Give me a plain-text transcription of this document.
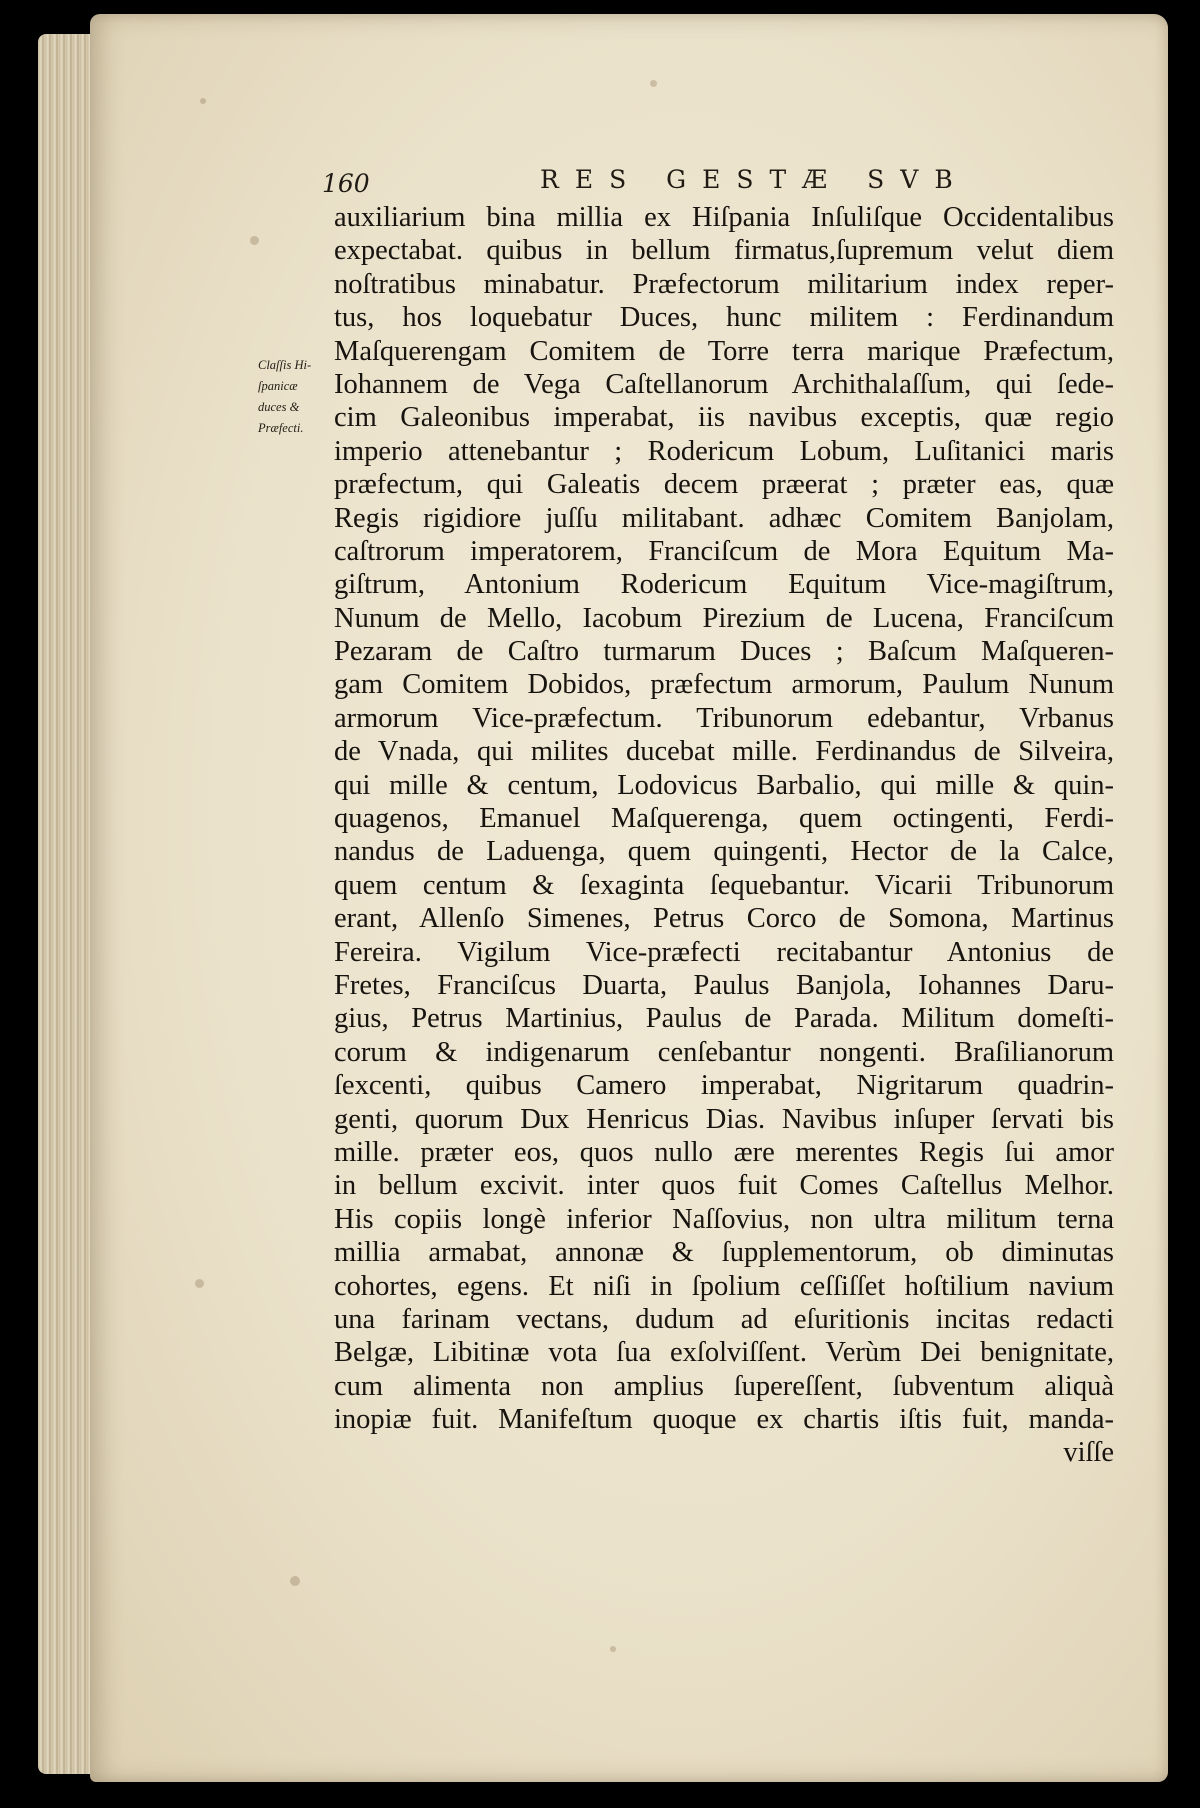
160	RES GESTÆ SVB
Claſſis Hi-
ſpanicæ
duces &
Præfecti.
auxiliarium bina millia ex Hiſpania Inſuliſque Occidentalibus
expectabat. quibus in bellum firmatus,ſupremum velut diem
noſtratibus minabatur. Præfectorum militarium index reper-
tus, hos loquebatur Duces, hunc militem : Ferdinandum
Maſquerengam Comitem de Torre terra marique Præfectum,
Iohannem de Vega Caſtellanorum Archithalaſſum, qui ſede-
cim Galeonibus imperabat, iis navibus exceptis, quæ regio
imperio attenebantur ; Rodericum Lobum, Luſitanici maris
præfectum, qui Galeatis decem præerat ; præter eas, quæ
Regis rigidiore juſſu militabant. adhæc Comitem Banjolam,
caſtrorum imperatorem, Franciſcum de Mora Equitum Ma-
giſtrum, Antonium Rodericum Equitum Vice-magiſtrum,
Nunum de Mello, Iacobum Pirezium de Lucena, Franciſcum
Pezaram de Caſtro turmarum Duces ; Baſcum Maſqueren-
gam Comitem Dobidos, præfectum armorum, Paulum Nunum
armorum Vice-præfectum. Tribunorum edebantur, Vrbanus
de Vnada, qui milites ducebat mille. Ferdinandus de Silveira,
qui mille & centum, Lodovicus Barbalio, qui mille & quin-
quagenos, Emanuel Maſquerenga, quem octingenti, Ferdi-
nandus de Laduenga, quem quingenti, Hector de la Calce,
quem centum & ſexaginta ſequebantur. Vicarii Tribunorum
erant, Allenſo Simenes, Petrus Corco de Somona, Martinus
Fereira. Vigilum Vice-præfecti recitabantur Antonius de
Fretes, Franciſcus Duarta, Paulus Banjola, Iohannes Daru-
gius, Petrus Martinius, Paulus de Parada. Militum domeſti-
corum & indigenarum cenſebantur nongenti. Braſilianorum
ſexcenti, quibus Camero imperabat, Nigritarum quadrin-
genti, quorum Dux Henricus Dias. Navibus inſuper ſervati bis
mille. præter eos, quos nullo ære merentes Regis ſui amor
in bellum excivit. inter quos fuit Comes Caſtellus Melhor.
His copiis longè inferior Naſſovius, non ultra militum terna
millia armabat, annonæ & ſupplementorum, ob diminutas
cohortes, egens. Et niſi in ſpolium ceſſiſſet hoſtilium navium
una farinam vectans, dudum ad eſuritionis incitas redacti
Belgæ, Libitinæ vota ſua exſolviſſent. Verùm Dei benignitate,
cum alimenta non amplius ſupereſſent, ſubventum aliquà
inopiæ fuit. Manifeſtum quoque ex chartis iſtis fuit, manda-
viſſe
